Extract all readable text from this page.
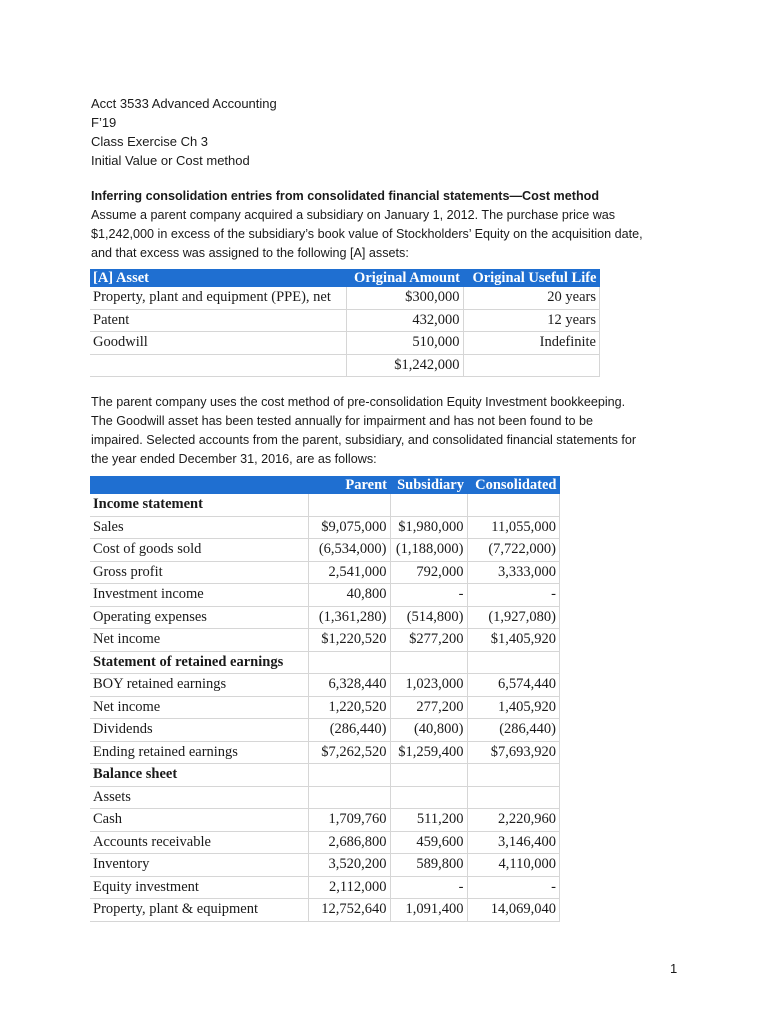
Acct 3533 Advanced Accounting
F’19
Class Exercise Ch 3
Initial Value or Cost method
Inferring consolidation entries from consolidated financial statements—Cost method
Assume a parent company acquired a subsidiary on January 1, 2012. The purchase price was
$1,242,000 in excess of the subsidiary’s book value of Stockholders’ Equity on the acquisition date,
and that excess was assigned to the following [A] assets:
[A] Asset	Original Amount	Original Useful Life
Property, plant and equipment (PPE), net	$300,000	20 years
Patent	432,000	12 years
Goodwill	510,000	Indefinite
	$1,242,000	
The parent company uses the cost method of pre-consolidation Equity Investment bookkeeping.
The Goodwill asset has been tested annually for impairment and has not been found to be
impaired. Selected accounts from the parent, subsidiary, and consolidated financial statements for
the year ended December 31, 2016, are as follows:
	Parent	Subsidiary	Consolidated
Income statement			
Sales	$9,075,000	$1,980,000	11,055,000
Cost of goods sold	(6,534,000)	(1,188,000)	(7,722,000)
Gross profit	2,541,000	792,000	3,333,000
Investment income	40,800	-	-
Operating expenses	(1,361,280)	(514,800)	(1,927,080)
Net income	$1,220,520	$277,200	$1,405,920
Statement of retained earnings			
BOY retained earnings	6,328,440	1,023,000	6,574,440
Net income	1,220,520	277,200	1,405,920
Dividends	(286,440)	(40,800)	(286,440)
Ending retained earnings	$7,262,520	$1,259,400	$7,693,920
Balance sheet			
Assets			
Cash	1,709,760	511,200	2,220,960
Accounts receivable	2,686,800	459,600	3,146,400
Inventory	3,520,200	589,800	4,110,000
Equity investment	2,112,000	-	-
Property, plant & equipment	12,752,640	1,091,400	14,069,040
1
